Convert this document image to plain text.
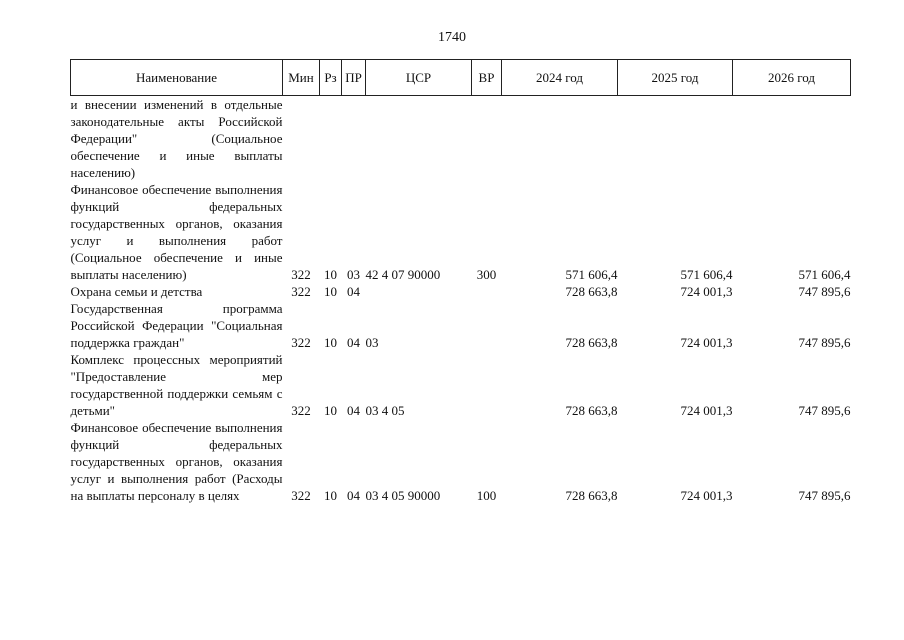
1740
Наименование	Мин	Рз	ПР	ЦСР	ВР	2024 год	2025 год	2026 год

и внесении изменений в отдельные законодательные акты Российской Федерации" (Социальное обеспечение и иные выплаты населению)								

Финансовое обеспечение выполнения функций федеральных государственных органов, оказания услуг и выполнения работ (Социальное обеспечение и иные выплаты населению)	322	10	03	42 4 07 90000	300	571 606,4	571 606,4	571 606,4

Охрана семьи и детства	322	10	04			728 663,8	724 001,3	747 895,6

Государственная программа Российской Федерации "Социальная поддержка граждан"	322	10	04	03		728 663,8	724 001,3	747 895,6

Комплекс процессных мероприятий "Предоставление мер государственной поддержки семьям с детьми"	322	10	04	03 4 05		728 663,8	724 001,3	747 895,6

Финансовое обеспечение выполнения функций федеральных государственных органов, оказания услуг и выполнения работ (Расходы на выплаты персоналу в целях	322	10	04	03 4 05 90000	100	728 663,8	724 001,3	747 895,6
